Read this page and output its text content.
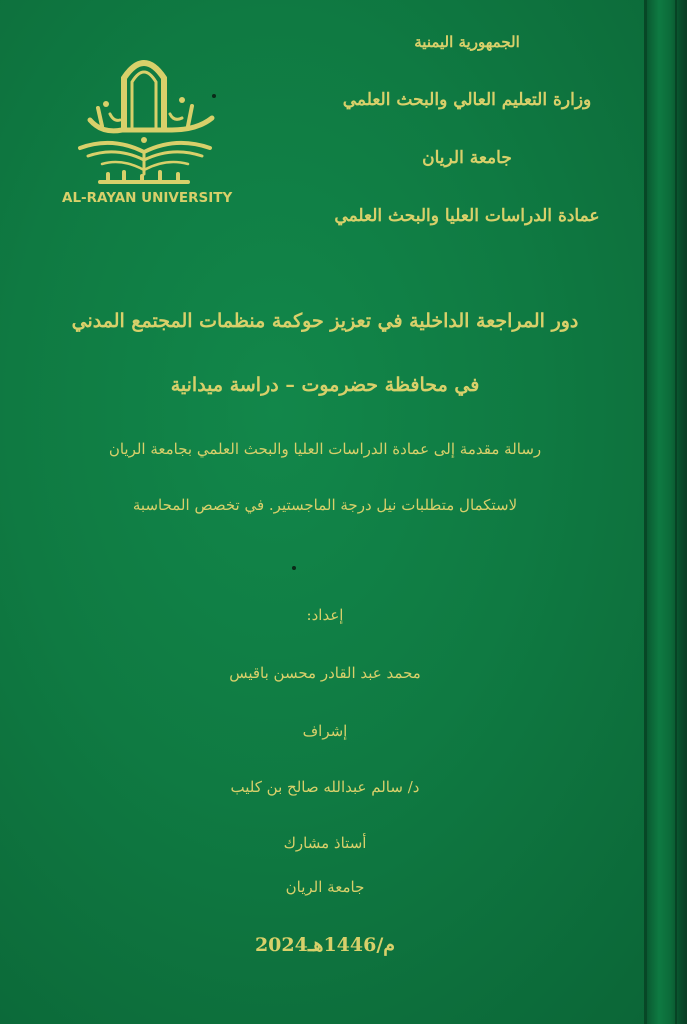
AL-RAYAN UNIVERSITY
الجمهورية اليمنية
وزارة التعليم العالي والبحث العلمي
جامعة الريان
عمادة الدراسات العليا والبحث العلمي
دور المراجعة الداخلية في تعزيز حوكمة منظمات المجتمع المدني
في محافظة حضرموت – دراسة ميدانية
رسالة مقدمة إلى عمادة الدراسات العليا والبحث العلمي بجامعة الريان
لاستكمال متطلبات نيل درجة الماجستير. في تخصص المحاسبة
إعداد:
محمد عبد القادر محسن باقيس
إشراف
د/ سالم عبدالله صالح بن كليب
أستاذ مشارك
جامعة الريان
2024م/1446هـ
